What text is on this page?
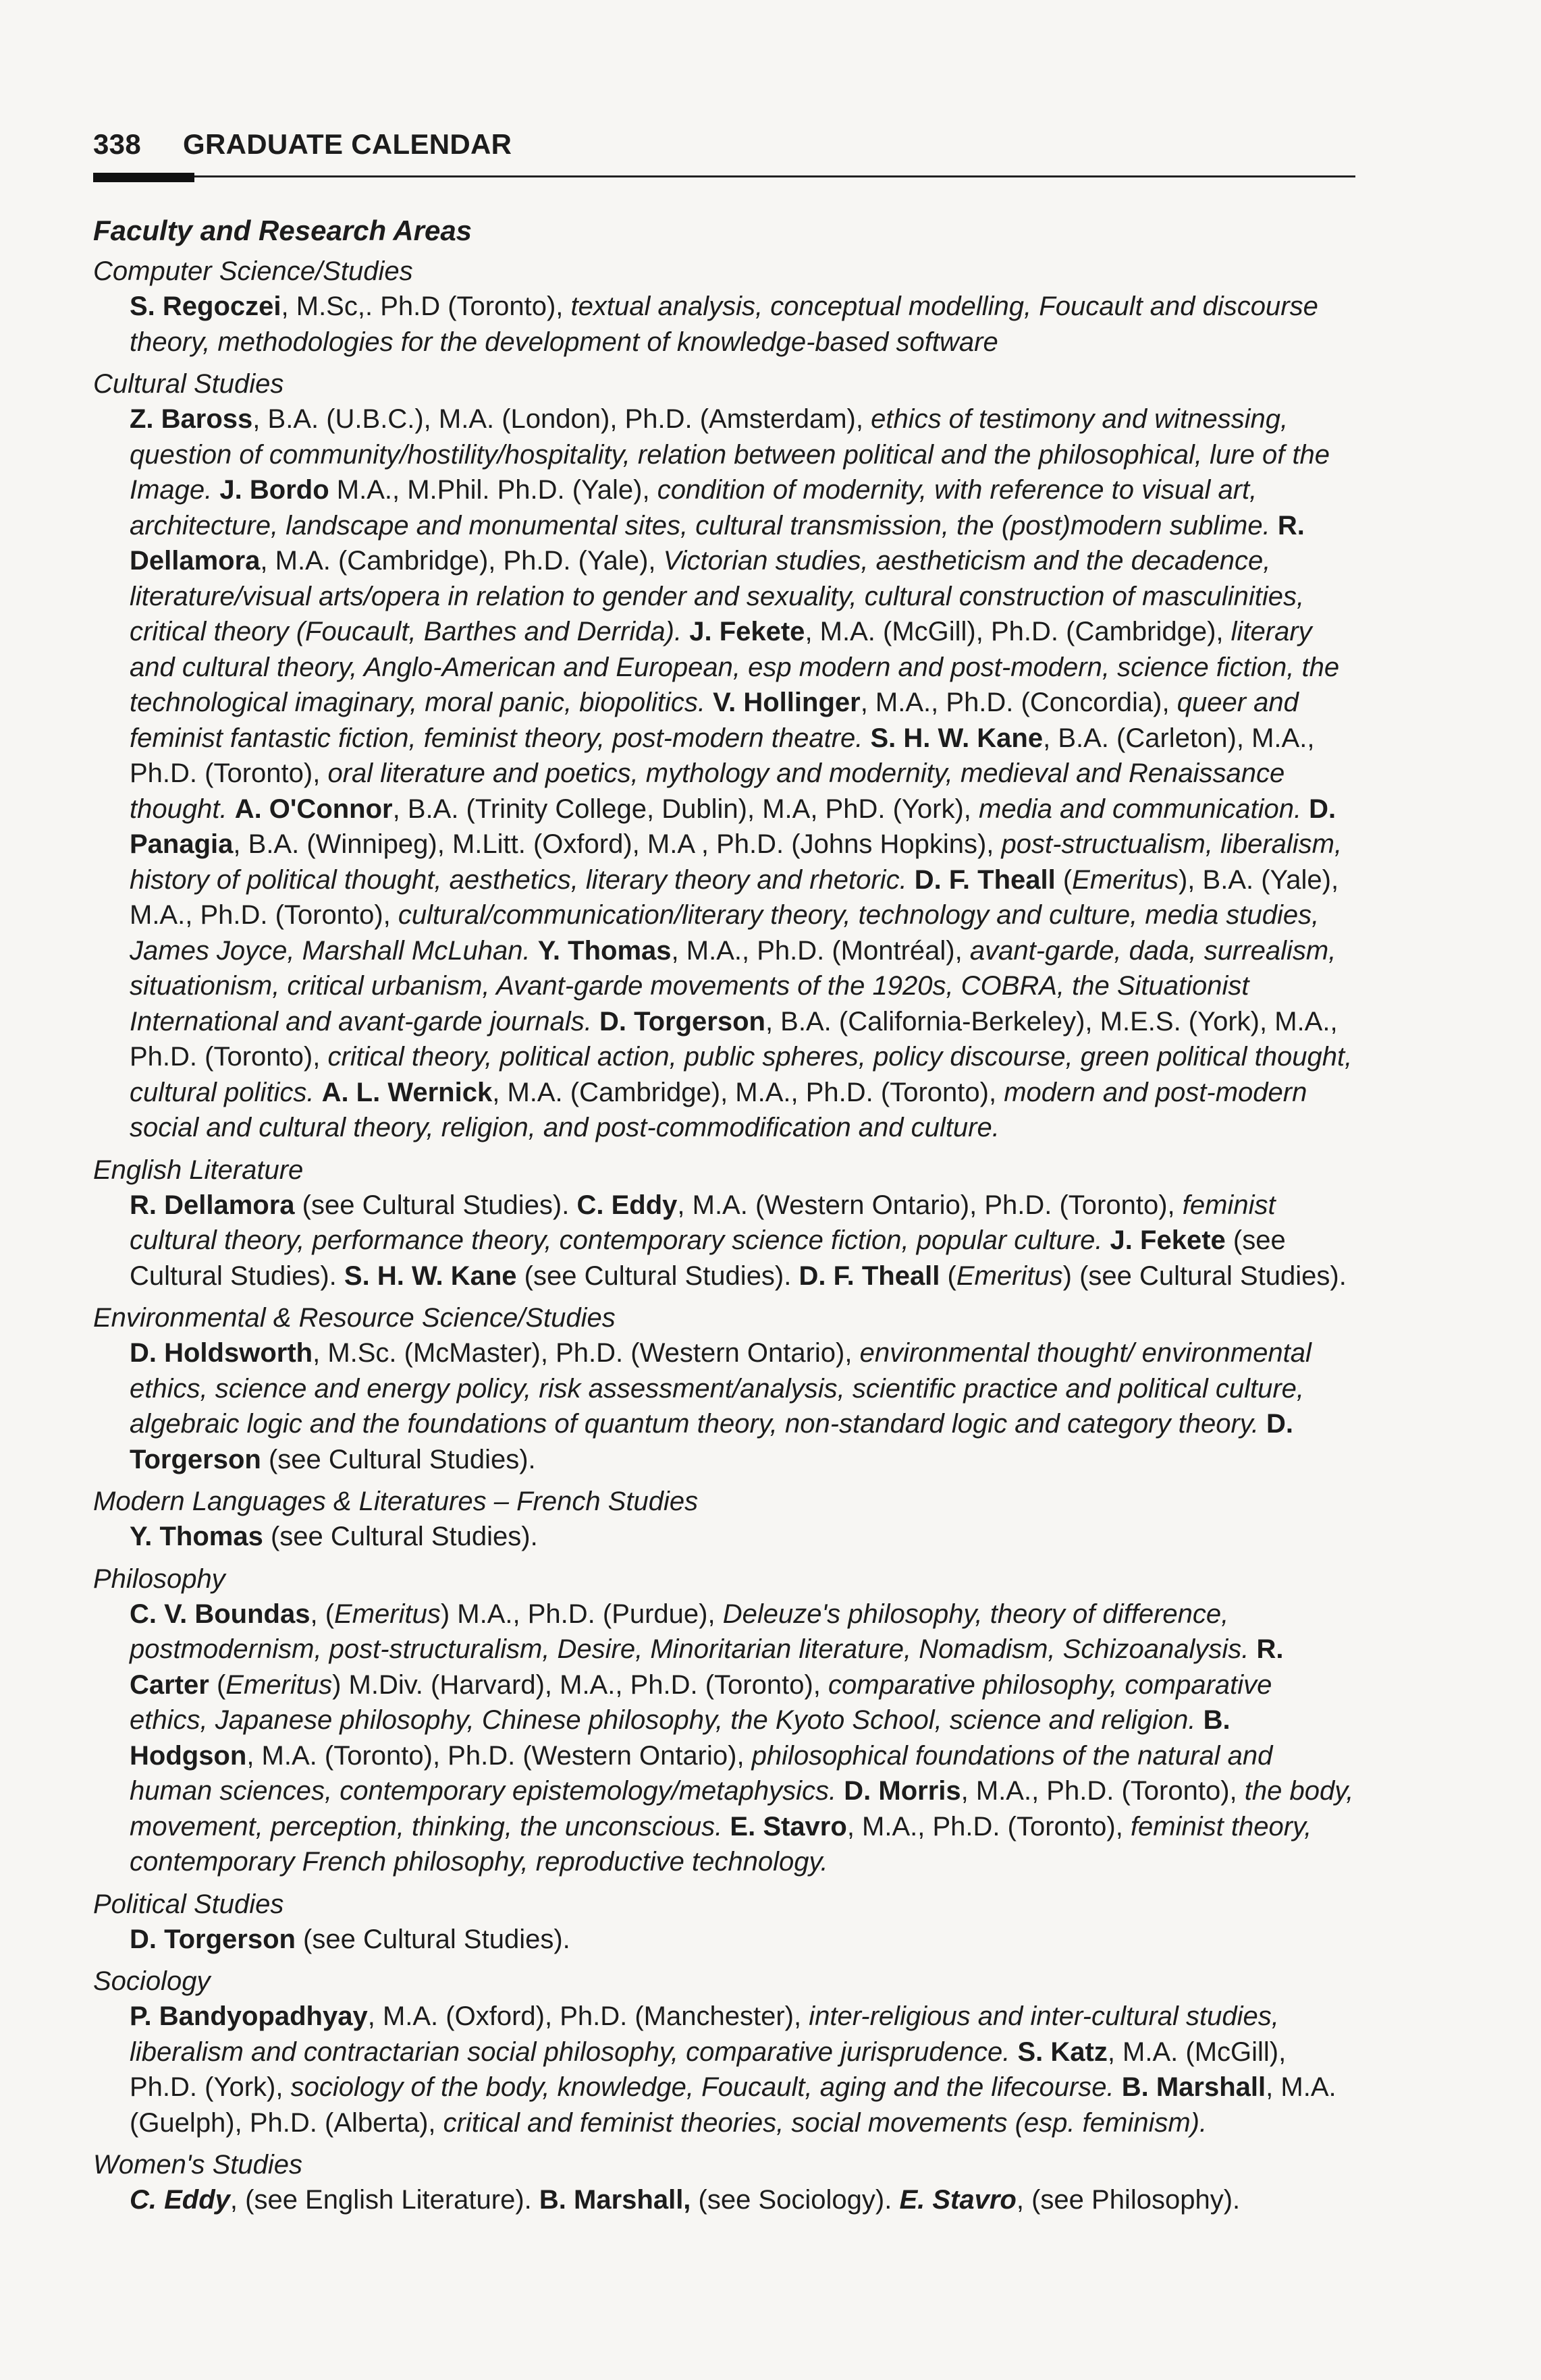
338 GRADUATE CALENDAR
Faculty and Research Areas
Computer Science/Studies
S. Regoczei, M.Sc,. Ph.D (Toronto), textual analysis, conceptual modelling, Foucault and discourse theory, methodologies for the development of knowledge-based software
Cultural Studies
Z. Baross, B.A. (U.B.C.), M.A. (London), Ph.D. (Amsterdam), ethics of testimony and witnessing, question of community/hostility/hospitality, relation between political and the philosophical, lure of the Image. J. Bordo M.A., M.Phil. Ph.D. (Yale), condition of modernity, with reference to visual art, architecture, landscape and monumental sites, cultural transmission, the (post)modern sublime. R. Dellamora, M.A. (Cambridge), Ph.D. (Yale), Victorian studies, aestheticism and the decadence, literature/visual arts/opera in relation to gender and sexuality, cultural construction of masculinities, critical theory (Foucault, Barthes and Derrida). J. Fekete, M.A. (McGill), Ph.D. (Cambridge), literary and cultural theory, Anglo-American and European, esp modern and post-modern, science fiction, the technological imaginary, moral panic, biopolitics. V. Hollinger, M.A., Ph.D. (Concordia), queer and feminist fantastic fiction, feminist theory, post-modern theatre. S. H. W. Kane, B.A. (Carleton), M.A., Ph.D. (Toronto), oral literature and poetics, mythology and modernity, medieval and Renaissance thought. A. O'Connor, B.A. (Trinity College, Dublin), M.A, PhD. (York), media and communication. D. Panagia, B.A. (Winnipeg), M.Litt. (Oxford), M.A , Ph.D. (Johns Hopkins), post-structualism, liberalism, history of political thought, aesthetics, literary theory and rhetoric. D. F. Theall (Emeritus), B.A. (Yale), M.A., Ph.D. (Toronto), cultural/communication/literary theory, technology and culture, media studies, James Joyce, Marshall McLuhan. Y. Thomas, M.A., Ph.D. (Montréal), avant-garde, dada, surrealism, situationism, critical urbanism, Avant-garde movements of the 1920s, COBRA, the Situationist International and avant-garde journals. D. Torgerson, B.A. (California-Berkeley), M.E.S. (York), M.A., Ph.D. (Toronto), critical theory, political action, public spheres, policy discourse, green political thought, cultural politics. A. L. Wernick, M.A. (Cambridge), M.A., Ph.D. (Toronto), modern and post-modern social and cultural theory, religion, and post-commodification and culture.
English Literature
R. Dellamora (see Cultural Studies). C. Eddy, M.A. (Western Ontario), Ph.D. (Toronto), feminist cultural theory, performance theory, contemporary science fiction, popular culture. J. Fekete (see Cultural Studies). S. H. W. Kane (see Cultural Studies). D. F. Theall (Emeritus) (see Cultural Studies).
Environmental & Resource Science/Studies
D. Holdsworth, M.Sc. (McMaster), Ph.D. (Western Ontario), environmental thought/ environmental ethics, science and energy policy, risk assessment/analysis, scientific practice and political culture, algebraic logic and the foundations of quantum theory, non-standard logic and category theory. D. Torgerson (see Cultural Studies).
Modern Languages & Literatures – French Studies
Y. Thomas (see Cultural Studies).
Philosophy
C. V. Boundas, (Emeritus) M.A., Ph.D. (Purdue), Deleuze's philosophy, theory of difference, postmodernism, post-structuralism, Desire, Minoritarian literature, Nomadism, Schizoanalysis. R. Carter (Emeritus) M.Div. (Harvard), M.A., Ph.D. (Toronto), comparative philosophy, comparative ethics, Japanese philosophy, Chinese philosophy, the Kyoto School, science and religion. B. Hodgson, M.A. (Toronto), Ph.D. (Western Ontario), philosophical foundations of the natural and human sciences, contemporary epistemology/metaphysics. D. Morris, M.A., Ph.D. (Toronto), the body, movement, perception, thinking, the unconscious. E. Stavro, M.A., Ph.D. (Toronto), feminist theory, contemporary French philosophy, reproductive technology.
Political Studies
D. Torgerson (see Cultural Studies).
Sociology
P. Bandyopadhyay, M.A. (Oxford), Ph.D. (Manchester), inter-religious and inter-cultural studies, liberalism and contractarian social philosophy, comparative jurisprudence. S. Katz, M.A. (McGill), Ph.D. (York), sociology of the body, knowledge, Foucault, aging and the lifecourse. B. Marshall, M.A. (Guelph), Ph.D. (Alberta), critical and feminist theories, social movements (esp. feminism).
Women's Studies
C. Eddy, (see English Literature). B. Marshall, (see Sociology). E. Stavro, (see Philosophy).
